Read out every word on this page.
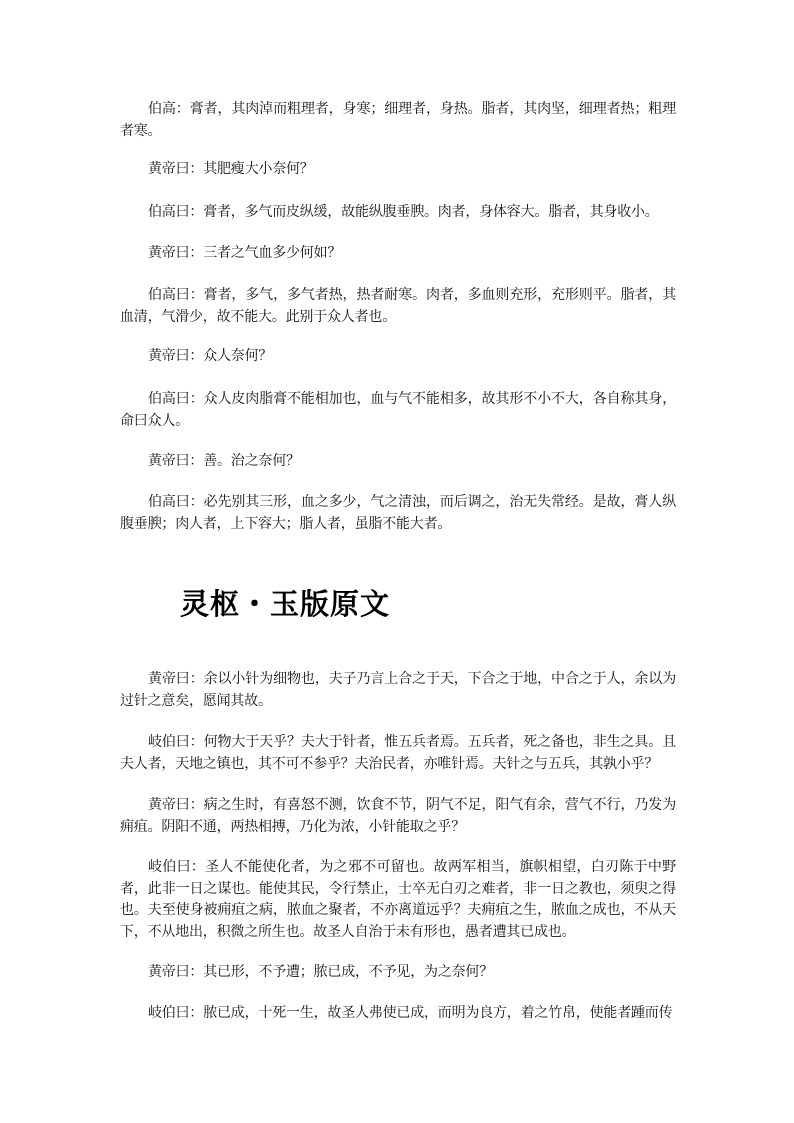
伯高：膏者，其肉淖而粗理者，身寒；细理者，身热。脂者，其肉坚，细理者热；粗理者寒。

黄帝曰：其肥瘦大小奈何？

伯高曰：膏者，多气而皮纵缓，故能纵腹垂腴。肉者，身体容大。脂者，其身收小。

黄帝曰：三者之气血多少何如？

伯高曰：膏者，多气，多气者热，热者耐寒。肉者，多血则充形，充形则平。脂者，其血清，气滑少，故不能大。此别于众人者也。

黄帝曰：众人奈何？

伯高曰：众人皮肉脂膏不能相加也，血与气不能相多，故其形不小不大，各自称其身，命曰众人。

黄帝曰：善。治之奈何？

伯高曰：必先别其三形，血之多少，气之清浊，而后调之，治无失常经。是故，膏人纵腹垂腴；肉人者，上下容大；脂人者，虽脂不能大者。

灵枢・玉版原文

黄帝曰：余以小针为细物也，夫子乃言上合之于天，下合之于地，中合之于人，余以为过针之意矣，愿闻其故。

岐伯曰：何物大于天乎？夫大于针者，惟五兵者焉。五兵者，死之备也，非生之具。且夫人者，天地之镇也，其不可不参乎？夫治民者，亦唯针焉。夫针之与五兵，其孰小乎？

黄帝曰：病之生时，有喜怒不测，饮食不节，阴气不足，阳气有余，营气不行，乃发为痈疽。阴阳不通，两热相搏，乃化为浓，小针能取之乎？

岐伯曰：圣人不能使化者，为之邪不可留也。故两军相当，旗帜相望，白刃陈于中野者，此非一日之谋也。能使其民，令行禁止，士卒无白刃之难者，非一日之教也，须臾之得也。夫至使身被痈疽之病，脓血之聚者，不亦离道远乎？夫痈疽之生，脓血之成也，不从天下，不从地出，积微之所生也。故圣人自治于未有形也，愚者遭其已成也。

黄帝曰：其已形，不予遭；脓已成，不予见，为之奈何？

岐伯曰：脓已成，十死一生，故圣人弗使已成，而明为良方，着之竹帛，使能者踵而传
